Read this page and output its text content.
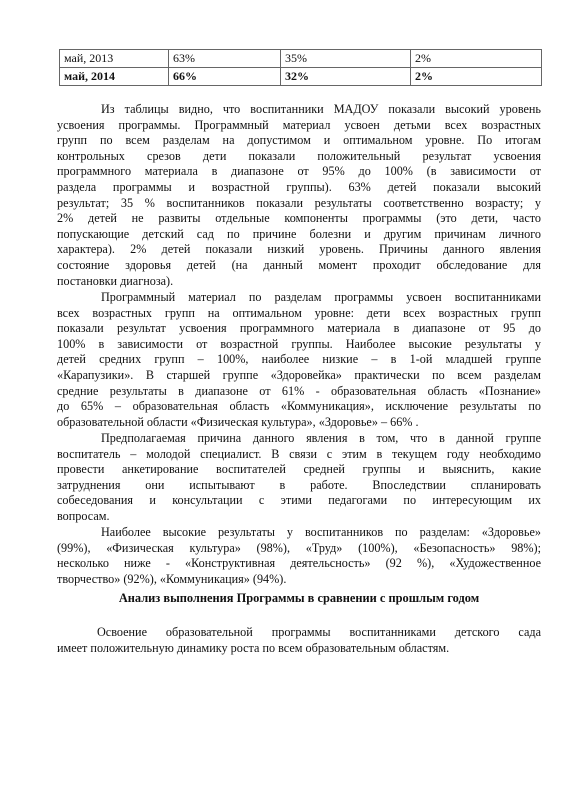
май, 2013	63%	35%	2%
май, 2014	66%	32%	2%
Из таблицы видно, что воспитанники МАДОУ показали высокий уровень
усвоения программы. Программный материал усвоен детьми всех возрастных
групп по всем разделам на допустимом и оптимальном уровне. По итогам
контрольных срезов дети показали положительный результат усвоения
программного материала в диапазоне от 95% до 100% (в зависимости от
раздела программы и возрастной группы). 63% детей показали высокий
результат; 35 % воспитанников показали результаты соответственно возрасту; у
2% детей не развиты отдельные компоненты программы (это дети, часто
попускающие детский сад по причине болезни и другим причинам личного
характера). 2% детей показали низкий уровень. Причины данного явления
состояние здоровья детей (на данный момент проходит обследование для
постановки диагноза).
Программный материал по разделам программы усвоен воспитанниками
всех возрастных групп на оптимальном уровне: дети всех возрастных групп
показали результат усвоения программного материала в диапазоне от 95 до
100% в зависимости от возрастной группы. Наиболее высокие результаты у
детей средних групп – 100%, наиболее низкие – в 1-ой младшей группе
«Карапузики». В старшей группе «Здоровейка» практически по всем разделам
средние результаты в диапазоне от 61% - образовательная область «Познание»
до 65% – образовательная область «Коммуникация», исключение результаты по
образовательной области «Физическая культура», «Здоровье» – 66% .
Предполагаемая причина данного явления в том, что в данной группе
воспитатель – молодой специалист. В связи с этим в текущем году необходимо
провести анкетирование воспитателей средней группы и выяснить, какие
затруднения они испытывают в работе. Впоследствии спланировать
собеседования и консультации с этими педагогами по интересующим их
вопросам.
Наиболее высокие результаты у воспитанников по разделам: «Здоровье»
(99%), «Физическая культура» (98%), «Труд» (100%), «Безопасность» 98%);
несколько ниже - «Конструктивная деятельсность» (92 %), «Художественное
творчество» (92%), «Коммуникация» (94%).
Анализ выполнения Программы в сравнении с прошлым годом
Освоение образовательной программы воспитанниками детского сада
имеет положительную динамику роста по всем образовательным областям.
